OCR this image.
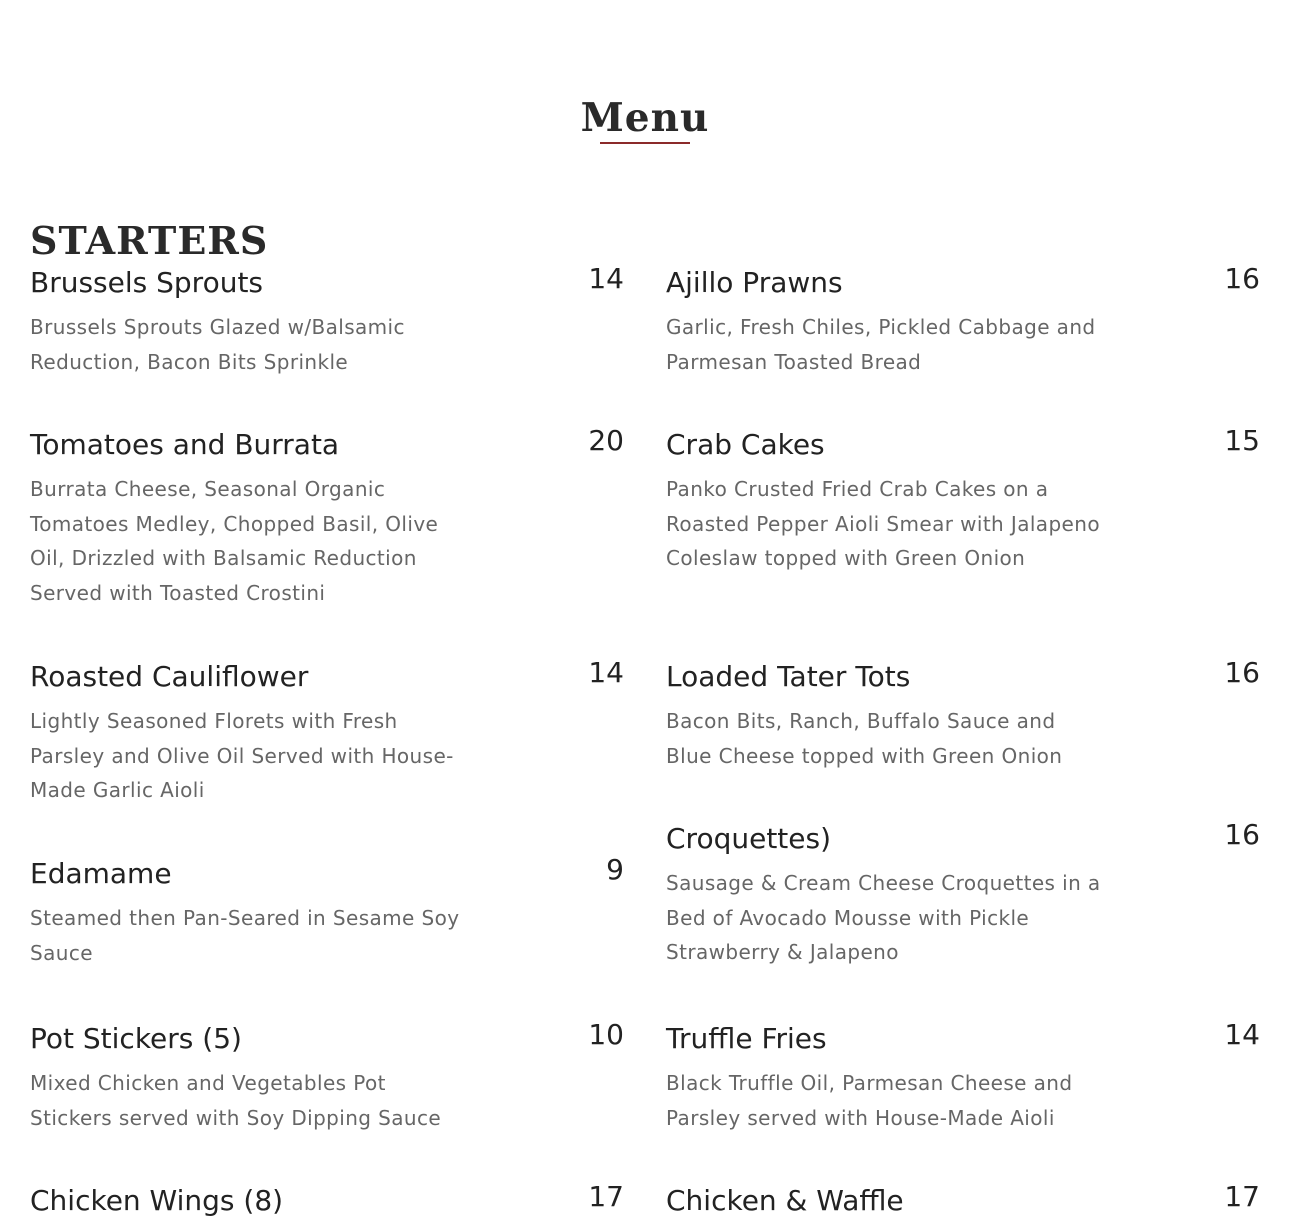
Menu
STARTERS
Brussels Sprouts	14
Brussels Sprouts Glazed w/Balsamic Reduction, Bacon Bits Sprinkle
Tomatoes and Burrata	20
Burrata Cheese, Seasonal Organic Tomatoes Medley, Chopped Basil, Olive Oil, Drizzled with Balsamic Reduction Served with Toasted Crostini
Roasted Cauliflower	14
Lightly Seasoned Florets with Fresh Parsley and Olive Oil Served with House-Made Garlic Aioli
Edamame	9
Steamed then Pan-Seared in Sesame Soy Sauce
Pot Stickers (5)	10
Mixed Chicken and Vegetables Pot Stickers served with Soy Dipping Sauce
Chicken Wings (8)	17
Ajillo Prawns	16
Garlic, Fresh Chiles, Pickled Cabbage and Parmesan Toasted Bread
Crab Cakes	15
Panko Crusted Fried Crab Cakes on a Roasted Pepper Aioli Smear with Jalapeno Coleslaw topped with Green Onion
Loaded Tater Tots	16
Bacon Bits, Ranch, Buffalo Sauce and Blue Cheese topped with Green Onion
Croquettes)	16
Sausage & Cream Cheese Croquettes in a Bed of Avocado Mousse with Pickle Strawberry & Jalapeno
Truffle Fries	14
Black Truffle Oil, Parmesan Cheese and Parsley served with House-Made Aioli
Chicken & Waffle	17
